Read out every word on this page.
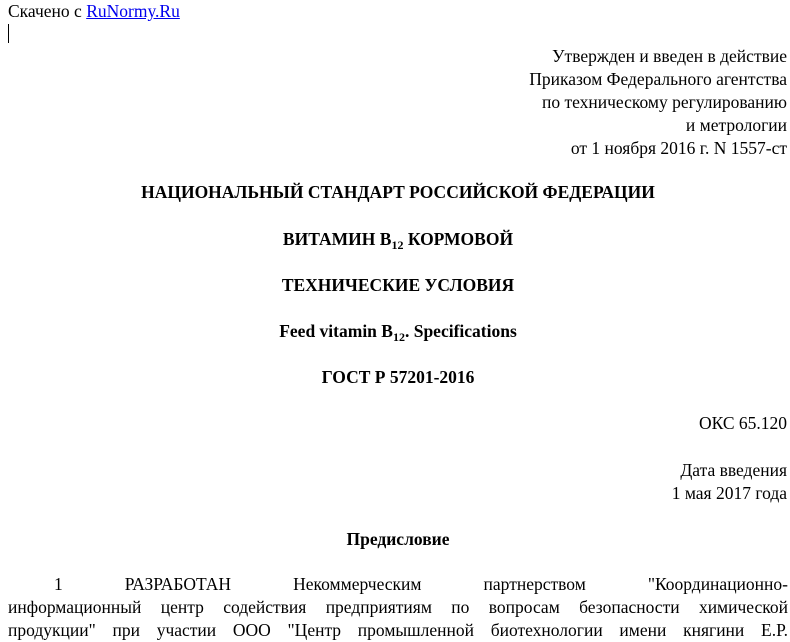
Скачено с RuNormy.Ru
Утвержден и введен в действие
Приказом Федерального агентства
по техническому регулированию
и метрологии
от 1 ноября 2016 г. N 1557-ст
НАЦИОНАЛЬНЫЙ СТАНДАРТ РОССИЙСКОЙ ФЕДЕРАЦИИ
ВИТАМИН $В_{12}$ КОРМОВОЙ
ТЕХНИЧЕСКИЕ УСЛОВИЯ
Feed vitamin $B_{12}$. Specifications
ГОСТ Р 57201-2016
ОКС 65.120
Дата введения
1 мая 2017 года
Предисловие
1	РАЗРАБОТАН	Некоммерческим	партнерством	"Координационно-
информационный центр содействия предприятиям по вопросам безопасности химической
продукции" при участии ООО "Центр промышленной биотехнологии имени княгини Е.Р.
